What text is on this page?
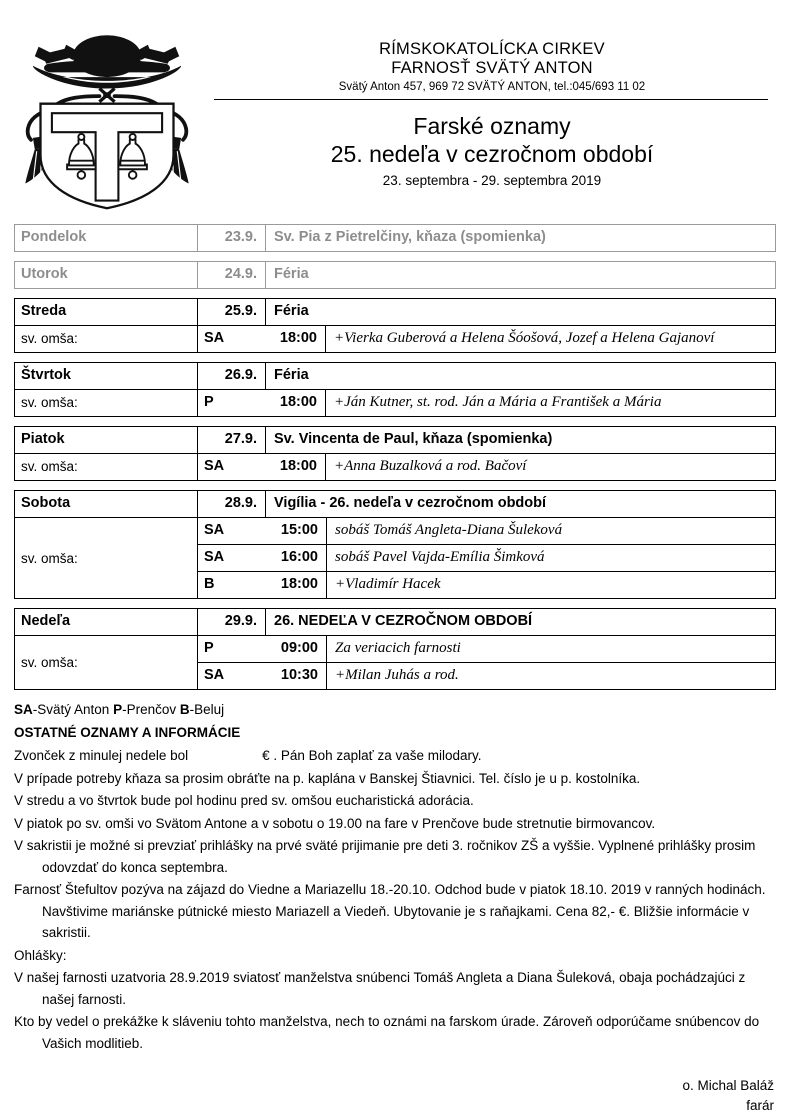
RÍMSKOKATOLÍCKA CIRKEV
FARNOSŤ SVÄTÝ ANTON
Svätý Anton 457, 969 72 SVÄTÝ ANTON, tel.:045/693 11 02
Farské oznamy
25. nedeľa v cezročnom období
23. septembra - 29. septembra 2019
Pondelok	23.9.	Sv. Pia z Pietrelčiny, kňaza (spomienka)
Utorok	24.9.	Féria
Streda	25.9.	Féria
sv. omša:	SA	18:00	+Vierka Guberová a Helena Šóošová, Jozef a Helena Gajanoví
Štvrtok	26.9.	Féria
sv. omša:	P	18:00	+Ján Kutner, st. rod. Ján a Mária a František a Mária
Piatok	27.9.	Sv. Vincenta de Paul, kňaza (spomienka)
sv. omša:	SA	18:00	+Anna Buzalková a rod. Bačoví
Sobota	28.9.	Vigília - 26. nedeľa v cezročnom období
sv. omša:
SA	15:00	sobáš Tomáš Angleta-Diana Šuleková
SA	16:00	sobáš Pavel Vajda-Emília Šimková
B	18:00	+Vladimír Hacek
Nedeľa	29.9.	26. NEDEĽA V CEZROČNOM OBDOBÍ
sv. omša:
P	09:00	Za veriacich farnosti
SA	10:30	+Milan Juhás a rod.
SA-Svätý Anton P-Prenčov B-Beluj
OSTATNÉ OZNAMY A INFORMÁCIE

Zvonček z minulej nedele bol	€ . Pán Boh zaplať za vaše milodary.

V prípade potreby kňaza sa prosim obráťte na p. kaplána v Banskej Štiavnici. Tel. číslo je u p. kostolníka.

V stredu a vo štvrtok bude pol hodinu pred sv. omšou eucharistická adorácia.

V piatok po sv. omši vo Svätom Antone a v sobotu o 19.00 na fare v Prenčove bude stretnutie birmovancov.

V sakristii je možné si prevziať prihlášky na prvé sväté prijimanie pre deti 3. ročnikov ZŠ a vyššie. Vyplnené prihlášky prosim odovzdať do konca septembra.

Farnosť Štefultov pozýva na zájazd do Viedne a Mariazellu 18.-20.10. Odchod bude v piatok 18.10. 2019 v ranných hodinách. Navštivime mariánske pútnické miesto Mariazell a Viedeň. Ubytovanie je s raňajkami. Cena 82,- €. Bližšie informácie v sakristii.

Ohlášky:

V našej farnosti uzatvoria 28.9.2019 sviatosť manželstva snúbenci Tomáš Angleta a Diana Šuleková, obaja pochádzajúci z našej farnosti.

Kto by vedel o prekážke k sláveniu tohto manželstva, nech to oznámi na farskom úrade. Zároveň odporúčame snúbencov do Vašich modlitieb.

o. Michal Baláž
farár
